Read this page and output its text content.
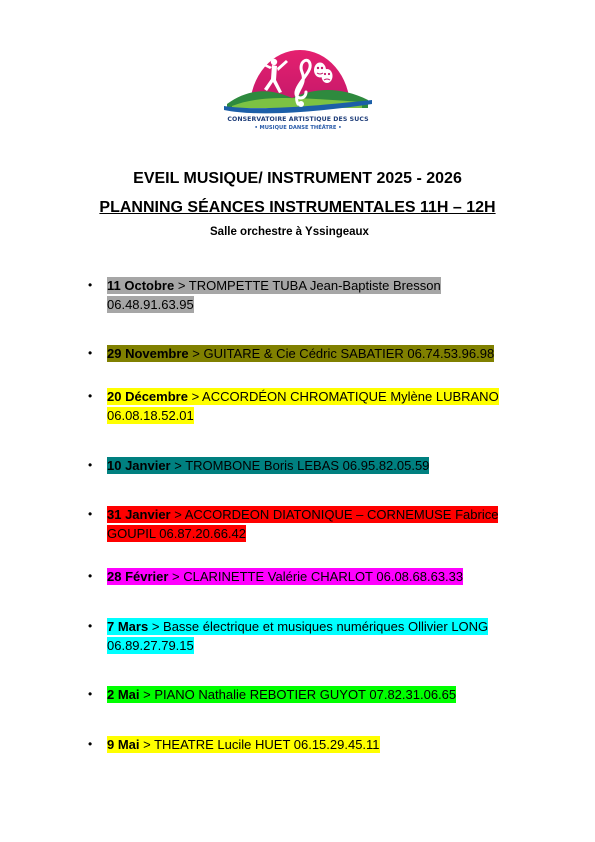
CONSERVATOIRE ARTISTIQUE DES SUCS
• MUSIQUE DANSE THÉÂTRE •
EVEIL MUSIQUE/ INSTRUMENT 2025 - 2026
PLANNING SÉANCES INSTRUMENTALES 11H – 12H
Salle orchestre à Yssingeaux
• 11 Octobre > TROMPETTE TUBA Jean-Baptiste Bresson 06.48.91.63.95
• 29 Novembre > GUITARE & Cie Cédric SABATIER 06.74.53.96.98
• 20 Décembre > ACCORDÉON CHROMATIQUE Mylène LUBRANO 06.08.18.52.01
• 10 Janvier > TROMBONE Boris LEBAS 06.95.82.05.59
• 31 Janvier > ACCORDEON DIATONIQUE – CORNEMUSE Fabrice GOUPIL 06.87.20.66.42
• 28 Février > CLARINETTE Valérie CHARLOT 06.08.68.63.33
• 7 Mars > Basse électrique et musiques numériques Ollivier LONG 06.89.27.79.15
• 2 Mai > PIANO Nathalie REBOTIER GUYOT 07.82.31.06.65
• 9 Mai > THEATRE Lucile HUET 06.15.29.45.11
